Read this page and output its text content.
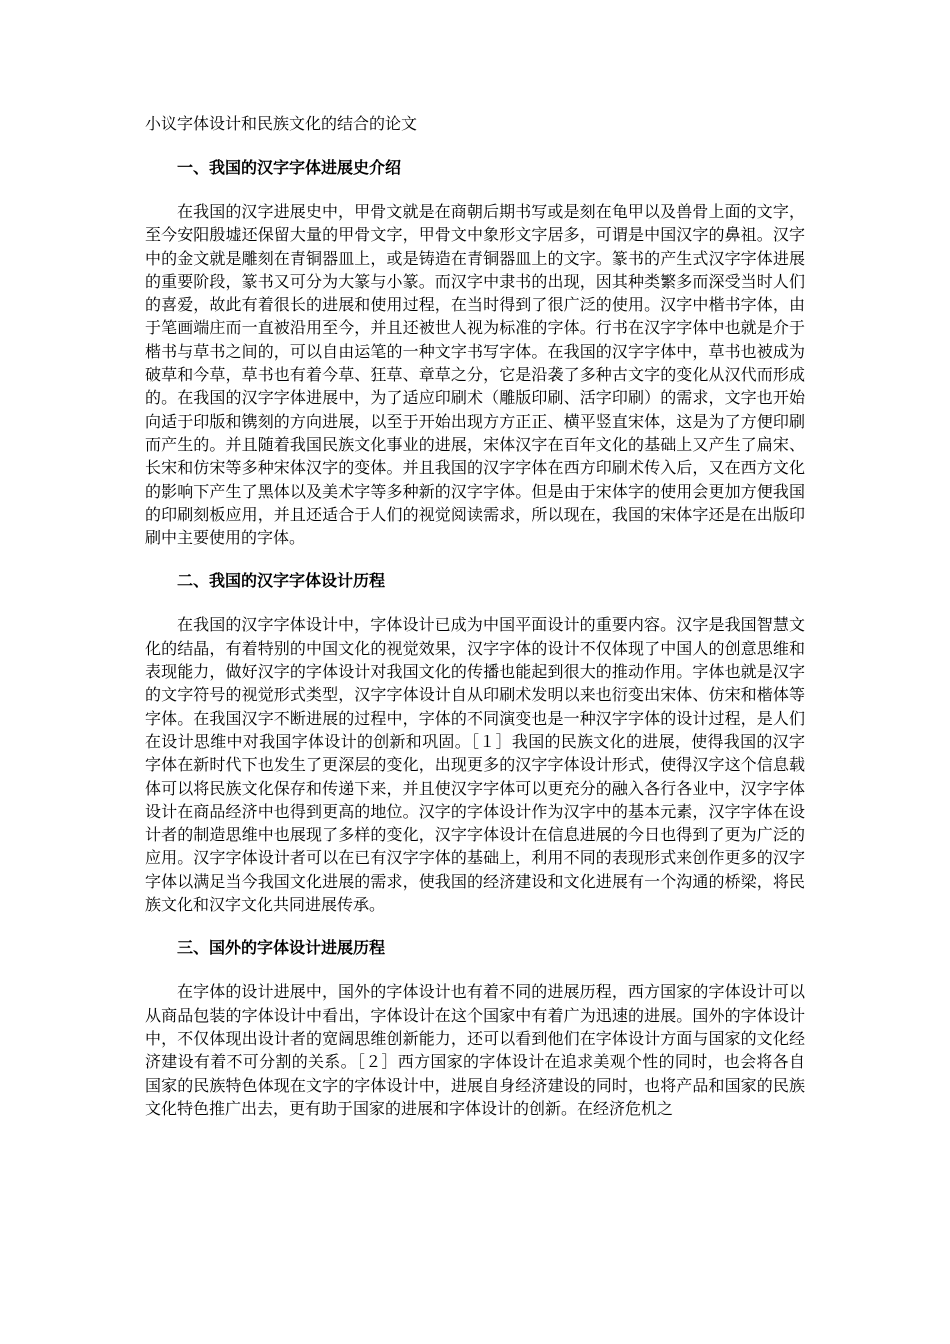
小议字体设计和民族文化的结合的论文

一、我国的汉字字体进展史介绍

在我国的汉字进展史中，甲骨文就是在商朝后期书写或是刻在龟甲以及兽骨上面的文字，至今安阳殷墟还保留大量的甲骨文字，甲骨文中象形文字居多，可谓是中国汉字的鼻祖。汉字中的金文就是雕刻在青铜器皿上，或是铸造在青铜器皿上的文字。篆书的产生式汉字字体进展的重要阶段，篆书又可分为大篆与小篆。而汉字中隶书的出现，因其种类繁多而深受当时人们的喜爱，故此有着很长的进展和使用过程，在当时得到了很广泛的使用。汉字中楷书字体，由于笔画端庄而一直被沿用至今，并且还被世人视为标准的字体。行书在汉字字体中也就是介于楷书与草书之间的，可以自由运笔的一种文字书写字体。在我国的汉字字体中，草书也被成为破草和今草，草书也有着今草、狂草、章草之分，它是沿袭了多种古文字的变化从汉代而形成的。在我国的汉字字体进展中，为了适应印刷术（雕版印刷、活字印刷）的需求，文字也开始向适于印版和镌刻的方向进展，以至于开始出现方方正正、横平竖直宋体，这是为了方便印刷而产生的。并且随着我国民族文化事业的进展，宋体汉字在百年文化的基础上又产生了扁宋、长宋和仿宋等多种宋体汉字的变体。并且我国的汉字字体在西方印刷术传入后，又在西方文化的影响下产生了黑体以及美术字等多种新的汉字字体。但是由于宋体字的使用会更加方便我国的印刷刻板应用，并且还适合于人们的视觉阅读需求，所以现在，我国的宋体字还是在出版印刷中主要使用的字体。

二、我国的汉字字体设计历程

在我国的汉字字体设计中，字体设计已成为中国平面设计的重要内容。汉字是我国智慧文化的结晶，有着特别的中国文化的视觉效果，汉字字体的设计不仅体现了中国人的创意思维和表现能力，做好汉字的字体设计对我国文化的传播也能起到很大的推动作用。字体也就是汉字的文字符号的视觉形式类型，汉字字体设计自从印刷术发明以来也衍变出宋体、仿宋和楷体等字体。在我国汉字不断进展的过程中，字体的不同演变也是一种汉字字体的设计过程，是人们在设计思维中对我国字体设计的创新和巩固。［１］我国的民族文化的进展，使得我国的汉字字体在新时代下也发生了更深层的变化，出现更多的汉字字体设计形式，使得汉字这个信息载体可以将民族文化保存和传递下来，并且使汉字字体可以更充分的融入各行各业中，汉字字体设计在商品经济中也得到更高的地位。汉字的字体设计作为汉字中的基本元素，汉字字体在设计者的制造思维中也展现了多样的变化，汉字字体设计在信息进展的今日也得到了更为广泛的应用。汉字字体设计者可以在已有汉字字体的基础上，利用不同的表现形式来创作更多的汉字字体以满足当今我国文化进展的需求，使我国的经济建设和文化进展有一个沟通的桥梁，将民族文化和汉字文化共同进展传承。

三、国外的字体设计进展历程

在字体的设计进展中，国外的字体设计也有着不同的进展历程，西方国家的字体设计可以从商品包装的字体设计中看出，字体设计在这个国家中有着广为迅速的进展。国外的字体设计中，不仅体现出设计者的宽阔思维创新能力，还可以看到他们在字体设计方面与国家的文化经济建设有着不可分割的关系。［２］西方国家的字体设计在追求美观个性的同时，也会将各自国家的民族特色体现在文字的字体设计中，进展自身经济建设的同时，也将产品和国家的民族文化特色推广出去，更有助于国家的进展和字体设计的创新。在经济危机之
